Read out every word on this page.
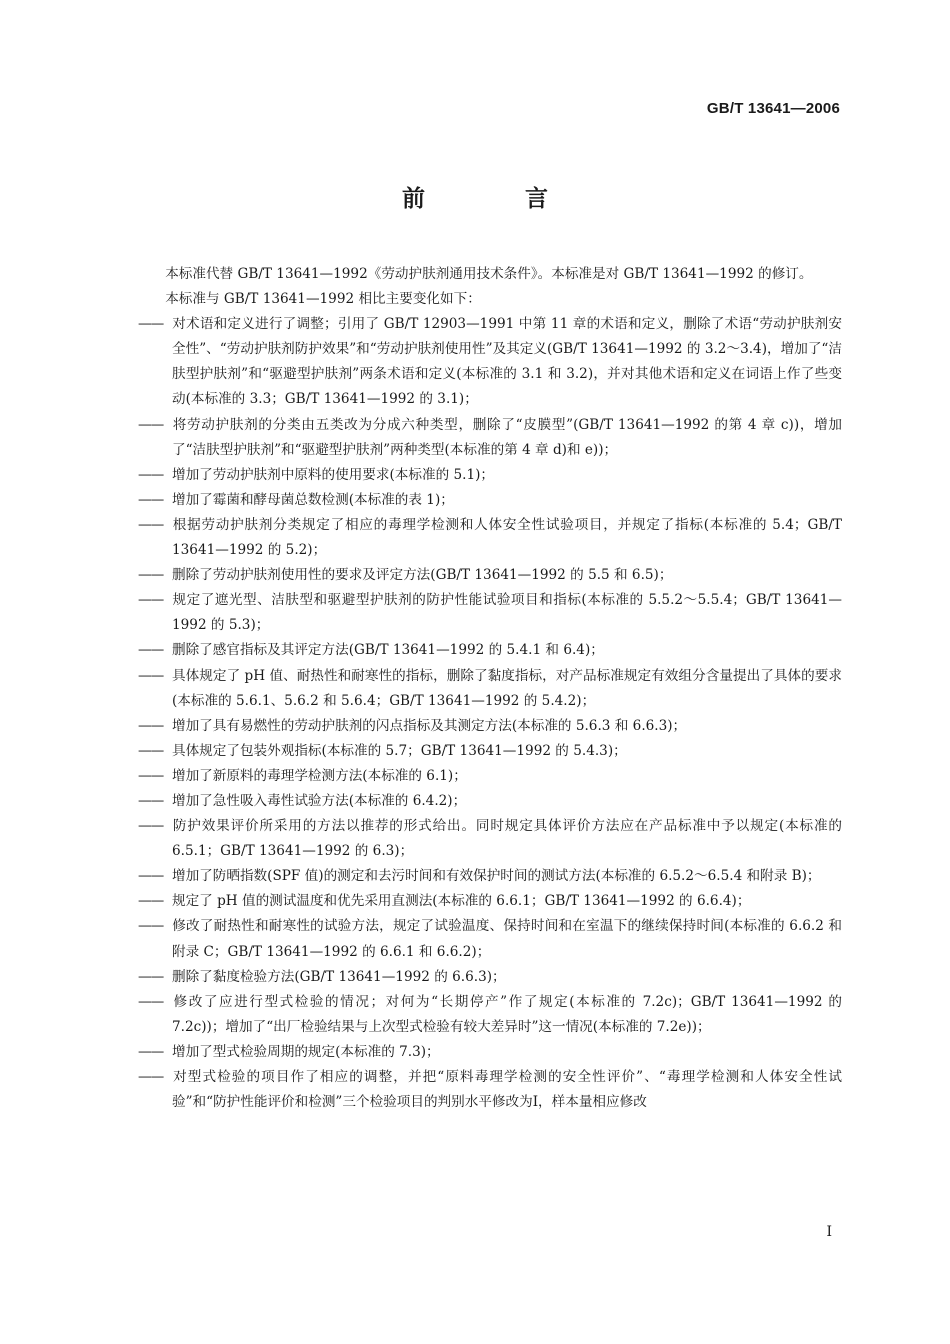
GB/T 13641—2006
前 言

本标准代替 GB/T 13641—1992《劳动护肤剂通用技术条件》。本标准是对 GB/T 13641—1992 的修订。

本标准与 GB/T 13641—1992 相比主要变化如下：

—— 对术语和定义进行了调整；引用了 GB/T 12903—1991 中第 11 章的术语和定义，删除了术语“劳动护肤剂安全性”、“劳动护肤剂防护效果”和“劳动护肤剂使用性”及其定义(GB/T 13641—1992 的 3.2～3.4)，增加了“洁肤型护肤剂”和“驱避型护肤剂”两条术语和定义(本标准的 3.1 和 3.2)，并对其他术语和定义在词语上作了些变动(本标准的 3.3；GB/T 13641—1992 的 3.1)；

—— 将劳动护肤剂的分类由五类改为分成六种类型，删除了“皮膜型”(GB/T 13641—1992 的第 4 章 c))，增加了“洁肤型护肤剂”和“驱避型护肤剂”两种类型(本标准的第 4 章 d)和 e))；

—— 增加了劳动护肤剂中原料的使用要求(本标准的 5.1)；

—— 增加了霉菌和酵母菌总数检测(本标准的表 1)；

—— 根据劳动护肤剂分类规定了相应的毒理学检测和人体安全性试验项目，并规定了指标(本标准的 5.4；GB/T 13641—1992 的 5.2)；

—— 删除了劳动护肤剂使用性的要求及评定方法(GB/T 13641—1992 的 5.5 和 6.5)；

—— 规定了遮光型、洁肤型和驱避型护肤剂的防护性能试验项目和指标(本标准的 5.5.2～5.5.4；GB/T 13641—1992 的 5.3)；

—— 删除了感官指标及其评定方法(GB/T 13641—1992 的 5.4.1 和 6.4)；

—— 具体规定了 pH 值、耐热性和耐寒性的指标，删除了黏度指标，对产品标准规定有效组分含量提出了具体的要求(本标准的 5.6.1、5.6.2 和 5.6.4；GB/T 13641—1992 的 5.4.2)；

—— 增加了具有易燃性的劳动护肤剂的闪点指标及其测定方法(本标准的 5.6.3 和 6.6.3)；

—— 具体规定了包装外观指标(本标准的 5.7；GB/T 13641—1992 的 5.4.3)；

—— 增加了新原料的毒理学检测方法(本标准的 6.1)；

—— 增加了急性吸入毒性试验方法(本标准的 6.4.2)；

—— 防护效果评价所采用的方法以推荐的形式给出。同时规定具体评价方法应在产品标准中予以规定(本标准的 6.5.1；GB/T 13641—1992 的 6.3)；

—— 增加了防晒指数(SPF 值)的测定和去污时间和有效保护时间的测试方法(本标准的 6.5.2～6.5.4 和附录 B)；

—— 规定了 pH 值的测试温度和优先采用直测法(本标准的 6.6.1；GB/T 13641—1992 的 6.6.4)；

—— 修改了耐热性和耐寒性的试验方法，规定了试验温度、保持时间和在室温下的继续保持时间(本标准的 6.6.2 和附录 C；GB/T 13641—1992 的 6.6.1 和 6.6.2)；

—— 删除了黏度检验方法(GB/T 13641—1992 的 6.6.3)；

—— 修改了应进行型式检验的情况；对何为“长期停产”作了规定(本标准的 7.2c)；GB/T 13641—1992 的 7.2c))；增加了“出厂检验结果与上次型式检验有较大差异时”这一情况(本标准的 7.2e))；

—— 增加了型式检验周期的规定(本标准的 7.3)；

—— 对型式检验的项目作了相应的调整，并把“原料毒理学检测的安全性评价”、“毒理学检测和人体安全性试验”和“防护性能评价和检测”三个检验项目的判别水平修改为Ⅰ，样本量相应修改

Ⅰ
